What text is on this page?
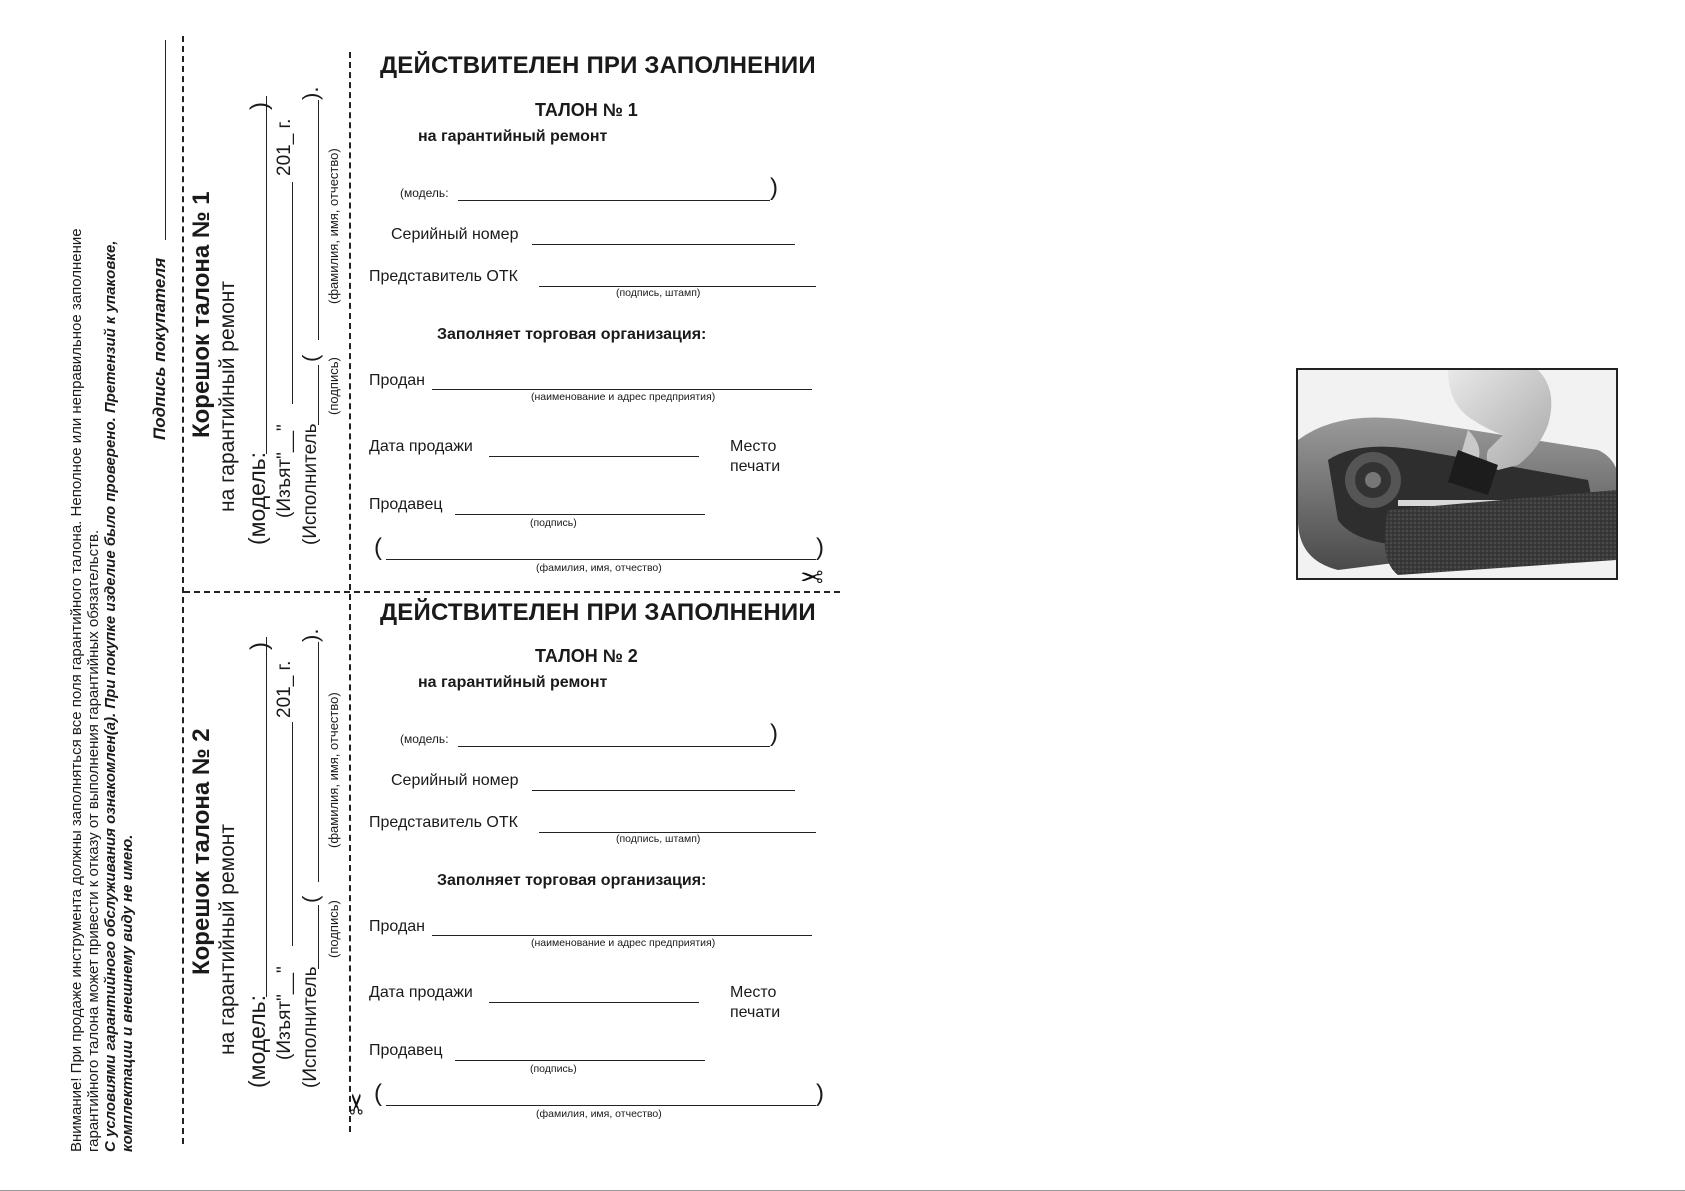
Внимание! При продаже инструмента должны заполняться все поля гарантийного талона. Неполное или неправильное заполнение гарантийного талона может привести к отказу от выполнения гарантийных обязательств. С условиями гарантийного обслуживания ознакомлен(а). При покупке изделие было проверено. Претензий к упаковке, комплектации и внешнему виду не имею.
Подпись покупателя Корешок талона № 1 на гарантийный ремонт (модель:
)
(Изъят"__"
201_ г.
(Исполнитель
(
).
(подпись)
(фамилия, имя, отчество)
Корешок талона № 2 на гарантийный ремонт (модель:
)
(Изъят"__"
201_ г.
(Исполнитель
(
).
(подпись)
(фамилия, имя, отчество)
ДЕЙСТВИТЕЛЕН ПРИ ЗАПОЛНЕНИИ
ТАЛОН № 1
на гарантийный ремонт
(модель:	)
Серийный номер
Представитель ОТК
(подпись, штамп)
Заполняет торговая организация:
Продан
(наименование и адрес предприятия)
Дата продажи	Место
печати
Продавец
(подпись)
(	)
(фамилия, имя, отчество)	✂
ДЕЙСТВИТЕЛЕН ПРИ ЗАПОЛНЕНИИ
ТАЛОН № 2
на гарантийный ремонт
(модель:	)
Серийный номер
Представитель ОТК
(подпись, штамп)
Заполняет торговая организация:
Продан
(наименование и адрес предприятия)
Дата продажи	Место
печати
Продавец
(подпись)
(	)
(фамилия, имя, отчество)
✂
